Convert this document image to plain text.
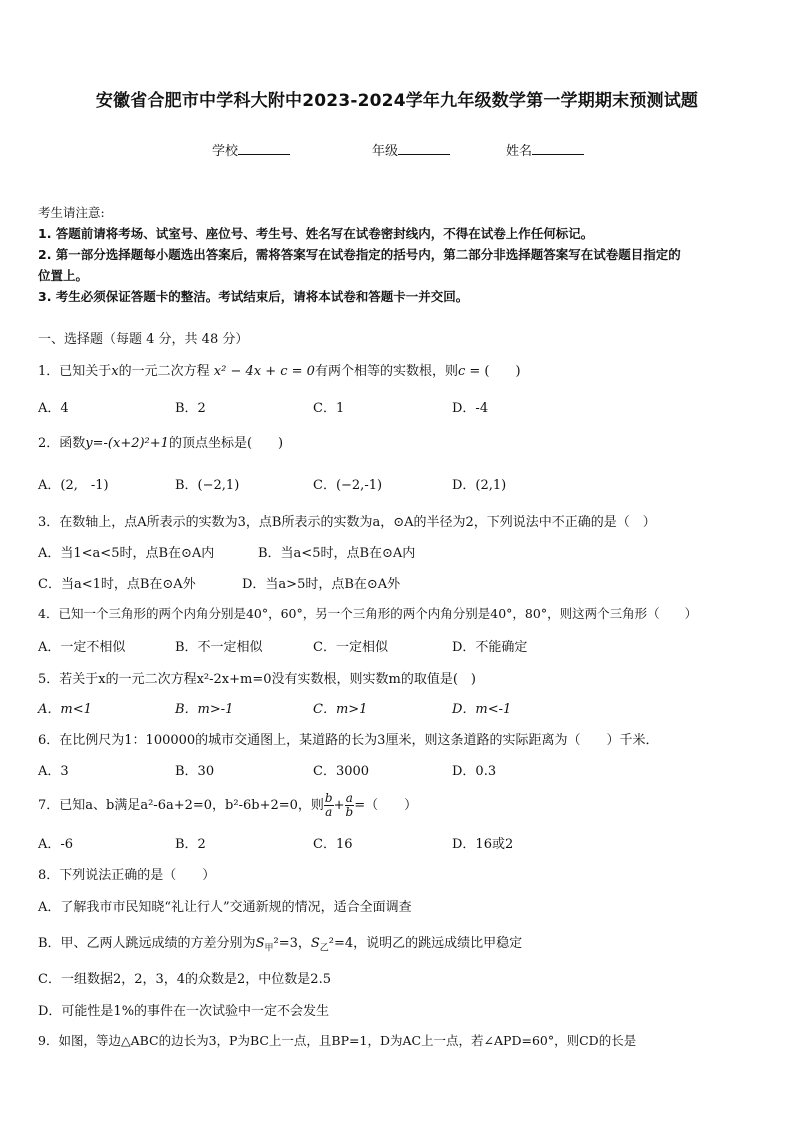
安徽省合肥市中学科大附中2023-2024学年九年级数学第一学期期末预测试题
学校	年级	姓名
考生请注意:
1. 答题前请将考场、试室号、座位号、考生号、姓名写在试卷密封线内，不得在试卷上作任何标记。
2. 第一部分选择题每小题选出答案后，需将答案写在试卷指定的括号内，第二部分非选择题答案写在试卷题目指定的
位置上。
3. 考生必须保证答题卡的整洁。考试结束后，请将本试卷和答题卡一并交回。
一、选择题（每题 4 分，共 48 分）
1．已知关于x的一元二次方程 x² − 4x + c = 0有两个相等的实数根，则c = (　　)
A．4	B．2	C．1	D．‐4
2．函数y=‐(x+2)²+1的顶点坐标是(　　)
A．(2,　‐1)	B．(−2,1)	C．(−2,‐1)	D．(2,1)
3．在数轴上，点A所表示的实数为3，点B所表示的实数为a，⊙A的半径为2，下列说法中不正确的是（　）
A．当1<a<5时，点B在⊙A内	B．当a<5时，点B在⊙A内
C．当a<1时，点B在⊙A外	D．当a>5时，点B在⊙A外
4．已知一个三角形的两个内角分别是40°，60°，另一个三角形的两个内角分别是40°，80°，则这两个三角形（　　）
A．一定不相似	B．不一定相似	C．一定相似	D．不能确定
5．若关于x的一元二次方程x²‐2x+m=0没有实数根，则实数m的取值是(　)
A．m<1	B．m>‐1	C．m>1	D．m<‐1
6．在比例尺为1：100000的城市交通图上，某道路的长为3厘米，则这条道路的实际距离为（　　）千米．
A．3	B．30	C．3000	D．0.3
7．已知a、b满足a²‐6a+2=0，b²‐6b+2=0，则 $\frac{b}{a} + \frac{a}{b}$ =（　　）
A．‐6	B．2	C．16	D．16或2
8．下列说法正确的是（　　）
A．了解我市市民知晓“礼让行人”交通新规的情况，适合全面调查
B．甲、乙两人跳远成绩的方差分别为$S_甲^2=3$，$S_乙^2=4$，说明乙的跳远成绩比甲稳定
C．一组数据2，2，3，4的众数是2，中位数是2.5
D．可能性是1%的事件在一次试验中一定不会发生
9．如图，等边△ABC的边长为3，P为BC上一点，且BP=1，D为AC上一点，若∠APD=60°，则CD的长是
